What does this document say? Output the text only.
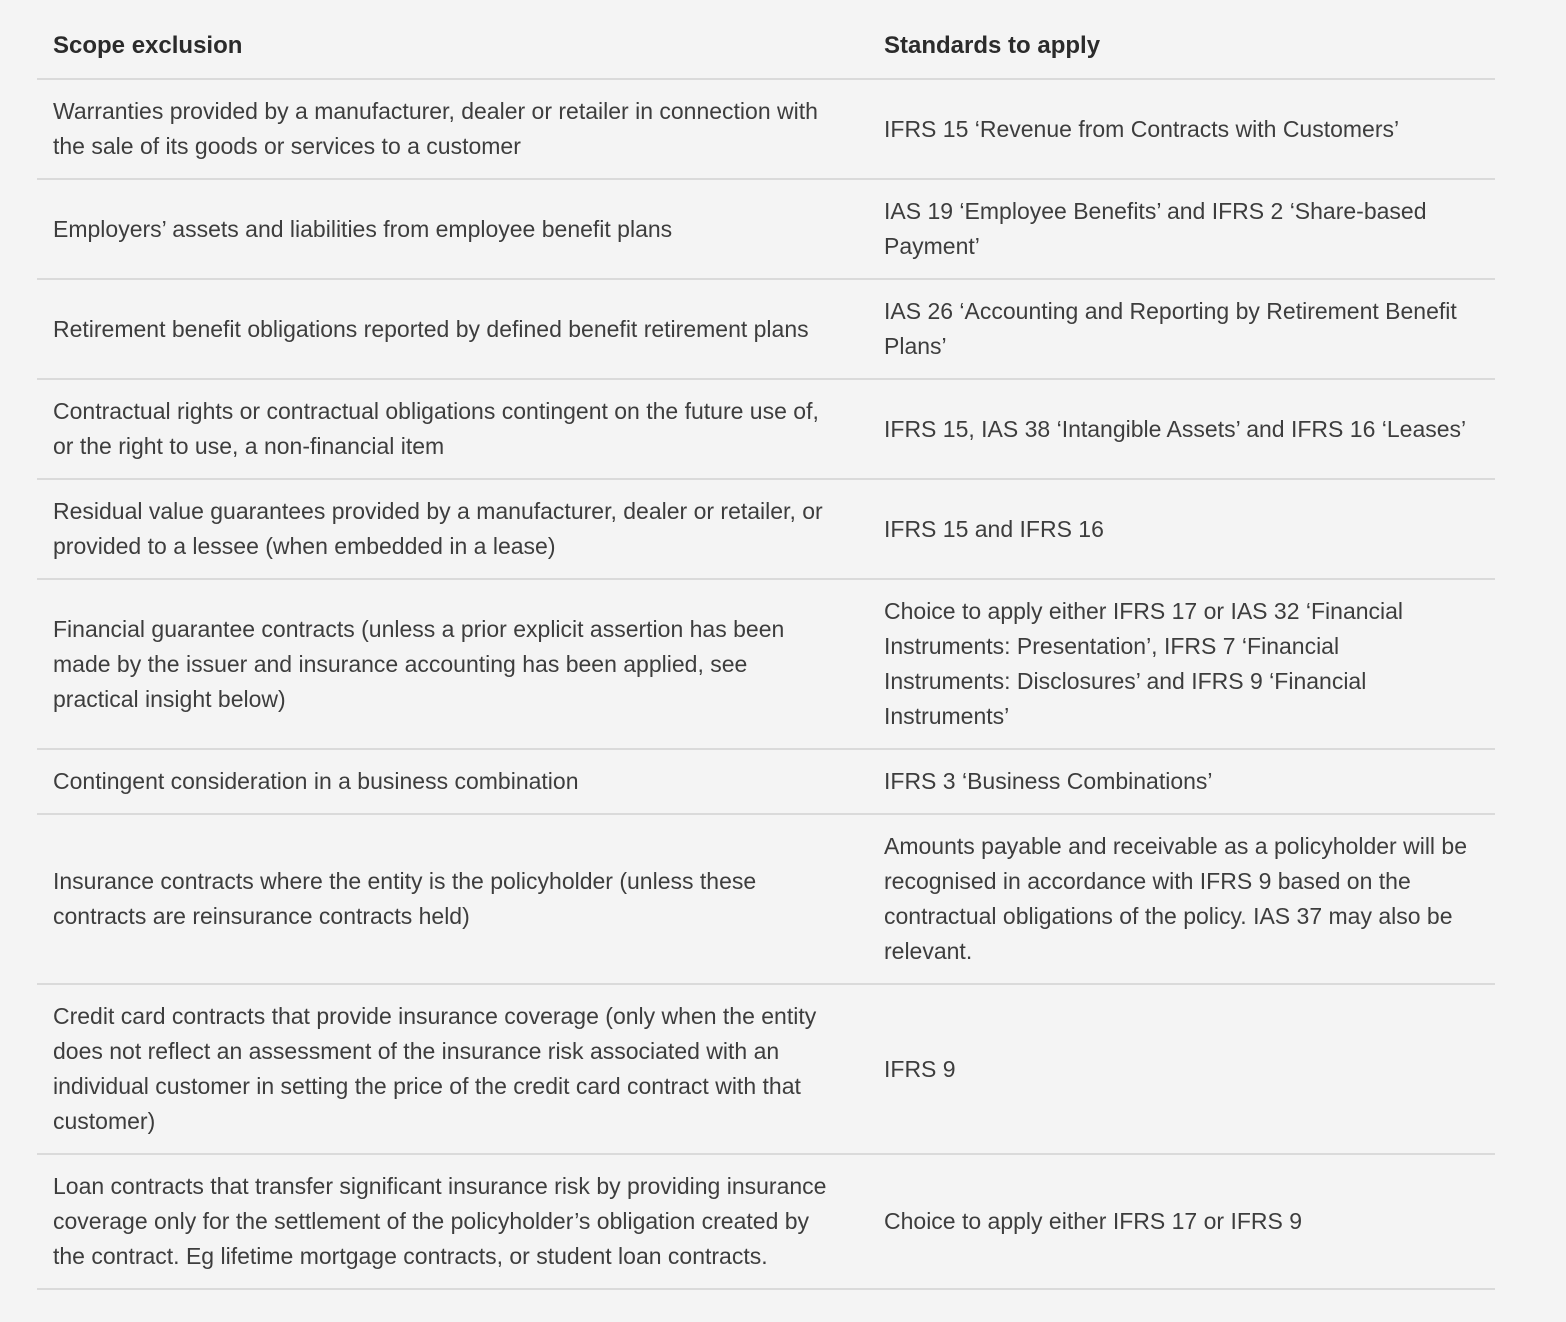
Scope exclusion	Standards to apply
Warranties provided by a manufacturer, dealer or retailer in connection with the sale of its goods or services to a customer	IFRS 15 ‘Revenue from Contracts with Customers’
Employers’ assets and liabilities from employee benefit plans	IAS 19 ‘Employee Benefits’ and IFRS 2 ‘Share-based Payment’
Retirement benefit obligations reported by defined benefit retirement plans	IAS 26 ‘Accounting and Reporting by Retirement Benefit Plans’
Contractual rights or contractual obligations contingent on the future use of, or the right to use, a non-financial item	IFRS 15, IAS 38 ‘Intangible Assets’ and IFRS 16 ‘Leases’
Residual value guarantees provided by a manufacturer, dealer or retailer, or provided to a lessee (when embedded in a lease)	IFRS 15 and IFRS 16
Financial guarantee contracts (unless a prior explicit assertion has been made by the issuer and insurance accounting has been applied, see practical insight below)	Choice to apply either IFRS 17 or IAS 32 ‘Financial Instruments: Presentation’, IFRS 7 ‘Financial Instruments: Disclosures’ and IFRS 9 ‘Financial Instruments’
Contingent consideration in a business combination	IFRS 3 ‘Business Combinations’
Insurance contracts where the entity is the policyholder (unless these contracts are reinsurance contracts held)	Amounts payable and receivable as a policyholder will be recognised in accordance with IFRS 9 based on the contractual obligations of the policy. IAS 37 may also be relevant.
Credit card contracts that provide insurance coverage (only when the entity does not reflect an assessment of the insurance risk associated with an individual customer in setting the price of the credit card contract with that customer)	IFRS 9
Loan contracts that transfer significant insurance risk by providing insurance coverage only for the settlement of the policyholder’s obligation created by the contract. Eg lifetime mortgage contracts, or student loan contracts.	Choice to apply either IFRS 17 or IFRS 9
